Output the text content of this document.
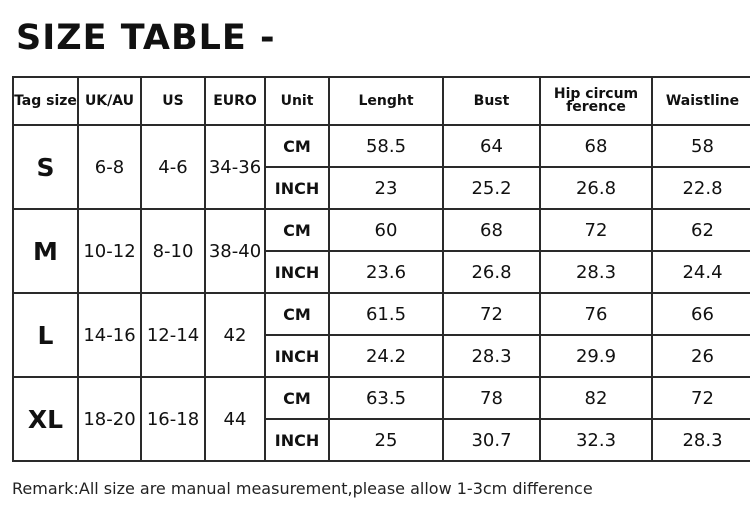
SIZE TABLE -
Tag size	UK/AU	US	EURO	Unit	Lenght	Bust	Hip circum
ference	Waistline
S	6-8	4-6	34-36	CM	58.5	64	68	58
				INCH	23	25.2	26.8	22.8
M	10-12	8-10	38-40	CM	60	68	72	62
				INCH	23.6	26.8	28.3	24.4
L	14-16	12-14	42	CM	61.5	72	76	66
				INCH	24.2	28.3	29.9	26
XL	18-20	16-18	44	CM	63.5	78	82	72
				INCH	25	30.7	32.3	28.3
Remark:All size are manual measurement,please allow 1-3cm difference
